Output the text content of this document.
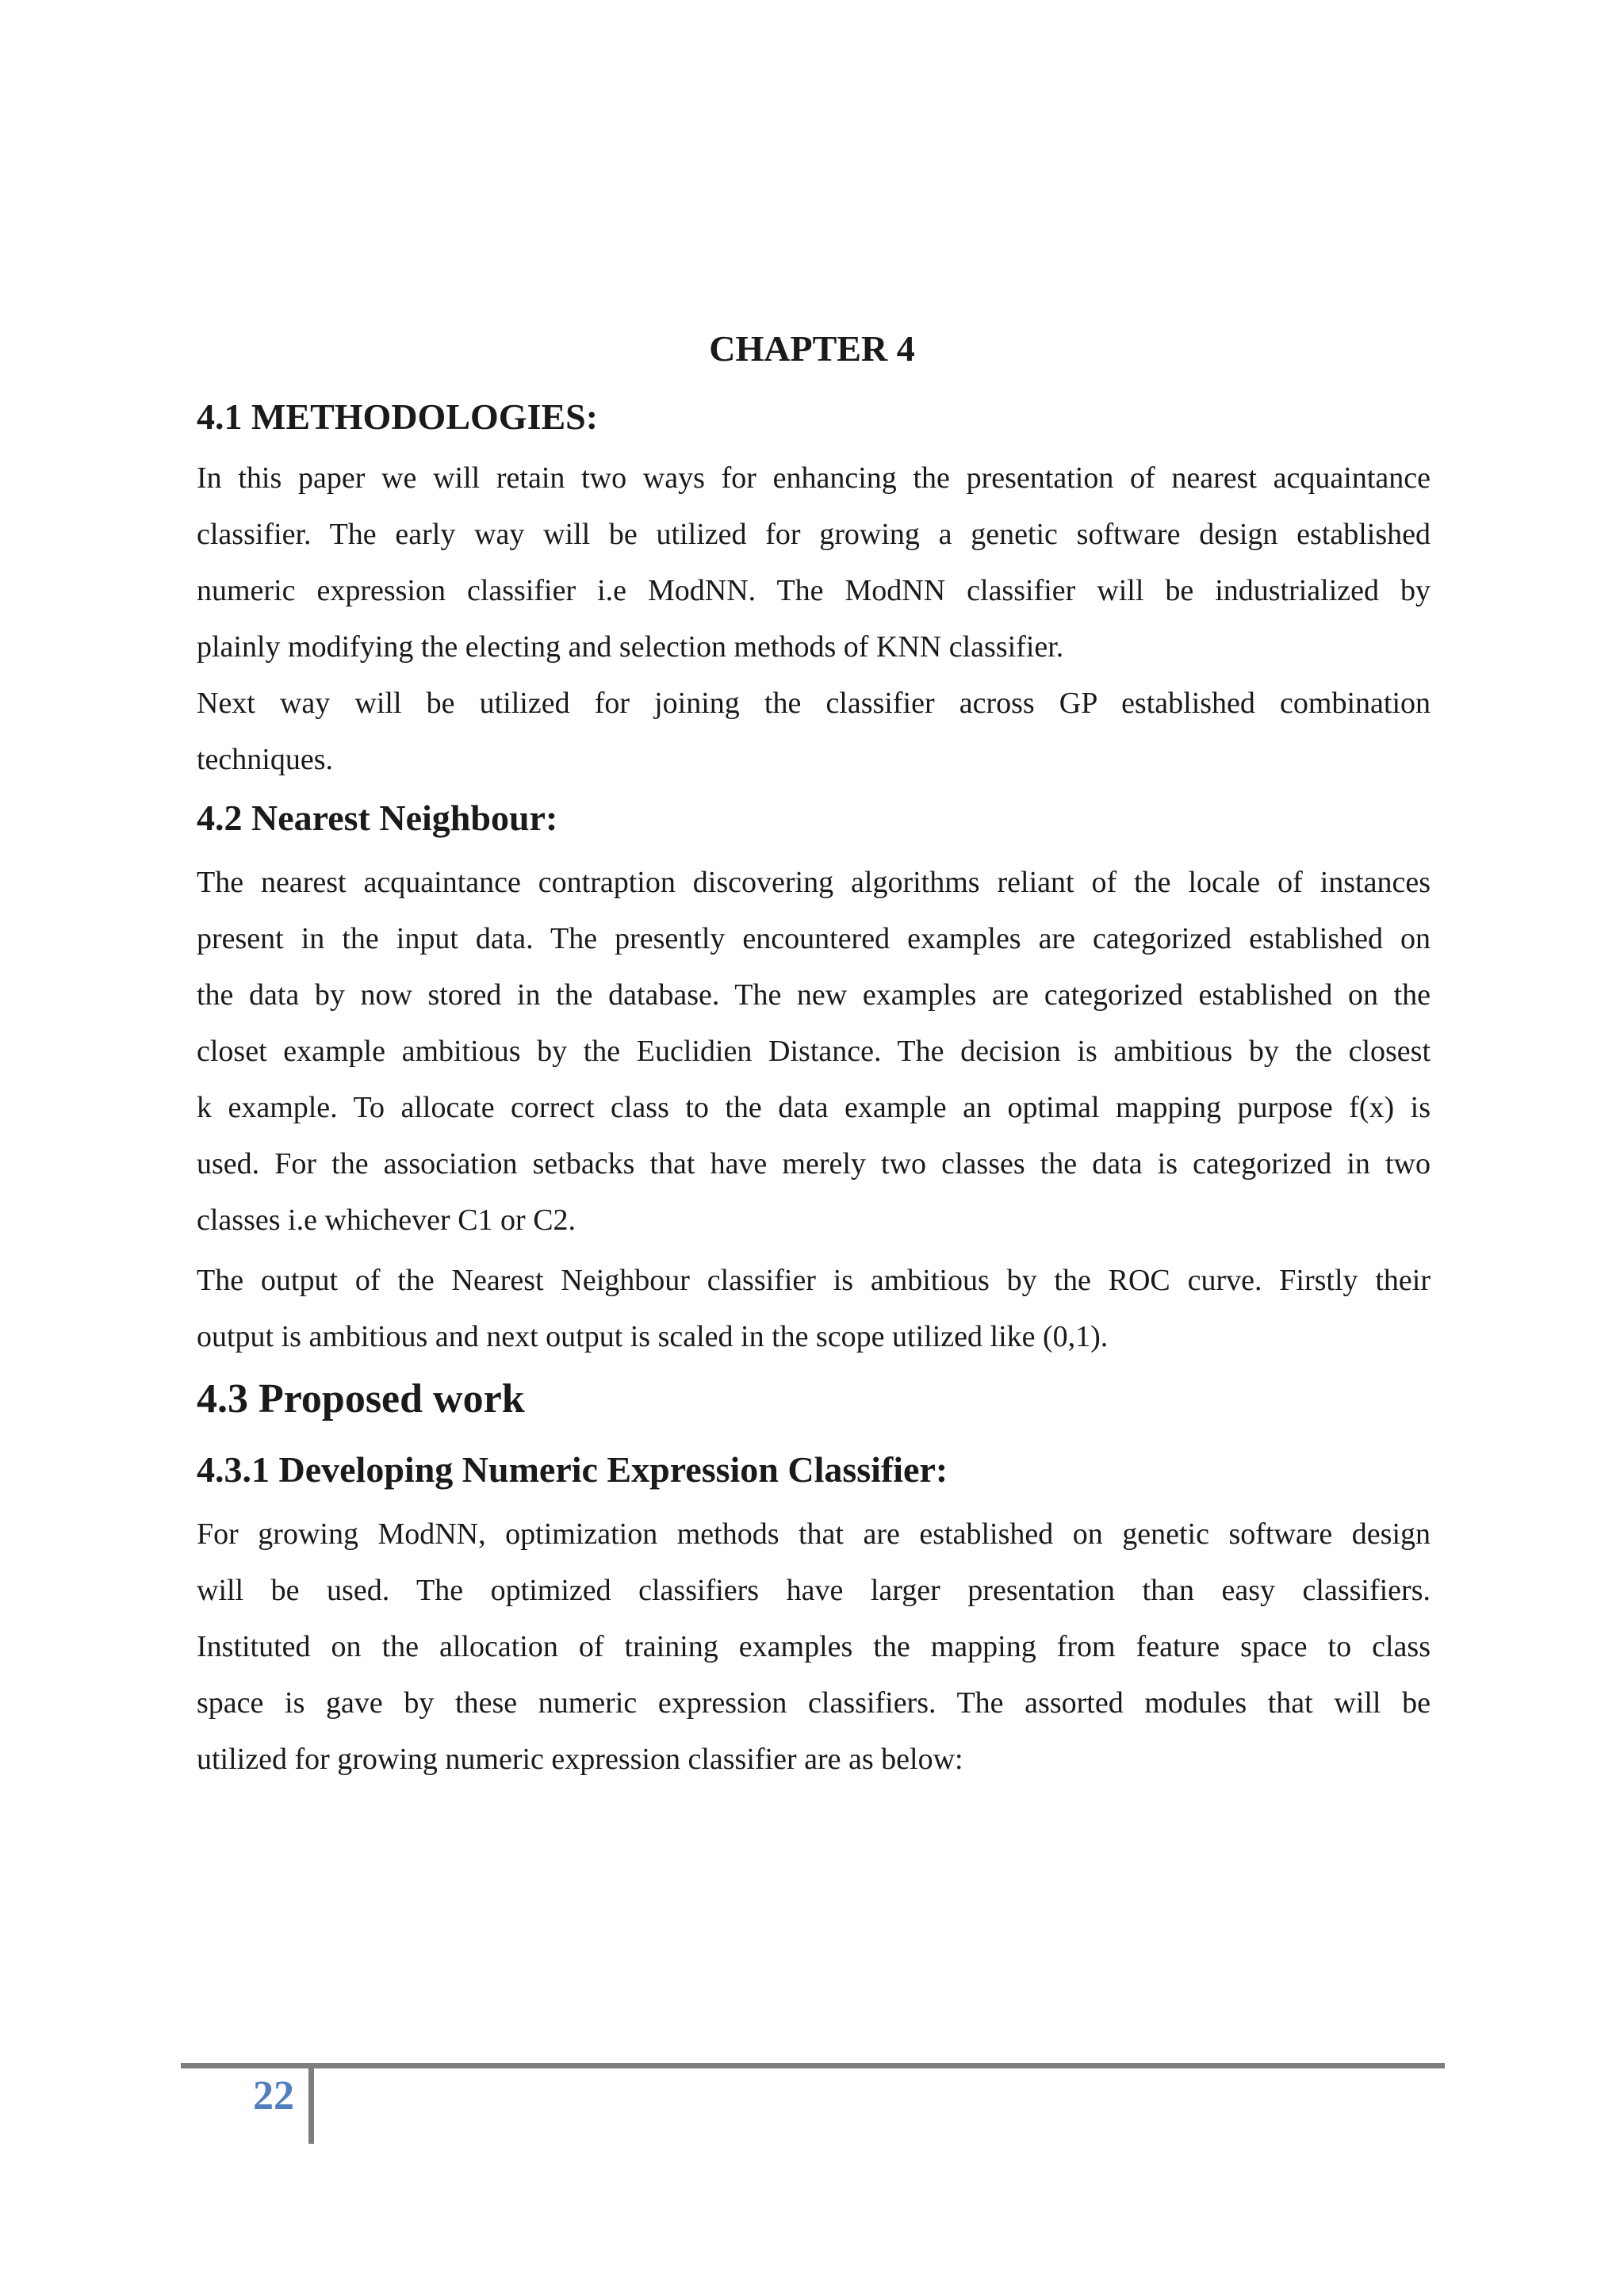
CHAPTER 4
4.1 METHODOLOGIES:

In this paper we will retain two ways for enhancing the presentation of nearest acquaintance
classifier. The early way will be utilized for growing a genetic software design established
numeric expression classifier i.e ModNN. The ModNN classifier will be industrialized by
plainly modifying the electing and selection methods of KNN classifier.

Next way will be utilized for joining the classifier across GP established combination
techniques.

4.2 Nearest Neighbour:

The nearest acquaintance contraption discovering algorithms reliant of the locale of instances
present in the input data. The presently encountered examples are categorized established on
the data by now stored in the database. The new examples are categorized established on the
closet example ambitious by the Euclidien Distance. The decision is ambitious by the closest
k example. To allocate correct class to the data example an optimal mapping purpose f(x) is
used. For the association setbacks that have merely two classes the data is categorized in two
classes i.e whichever C1 or C2.

The output of the Nearest Neighbour classifier is ambitious by the ROC curve. Firstly their
output is ambitious and next output is scaled in the scope utilized like (0,1).

4.3 Proposed work
4.3.1 Developing Numeric Expression Classifier:

For growing ModNN, optimization methods that are established on genetic software design
will be used. The optimized classifiers have larger presentation than easy classifiers.
Instituted on the allocation of training examples the mapping from feature space to class
space is gave by these numeric expression classifiers. The assorted modules that will be
utilized for growing numeric expression classifier are as below:

22
